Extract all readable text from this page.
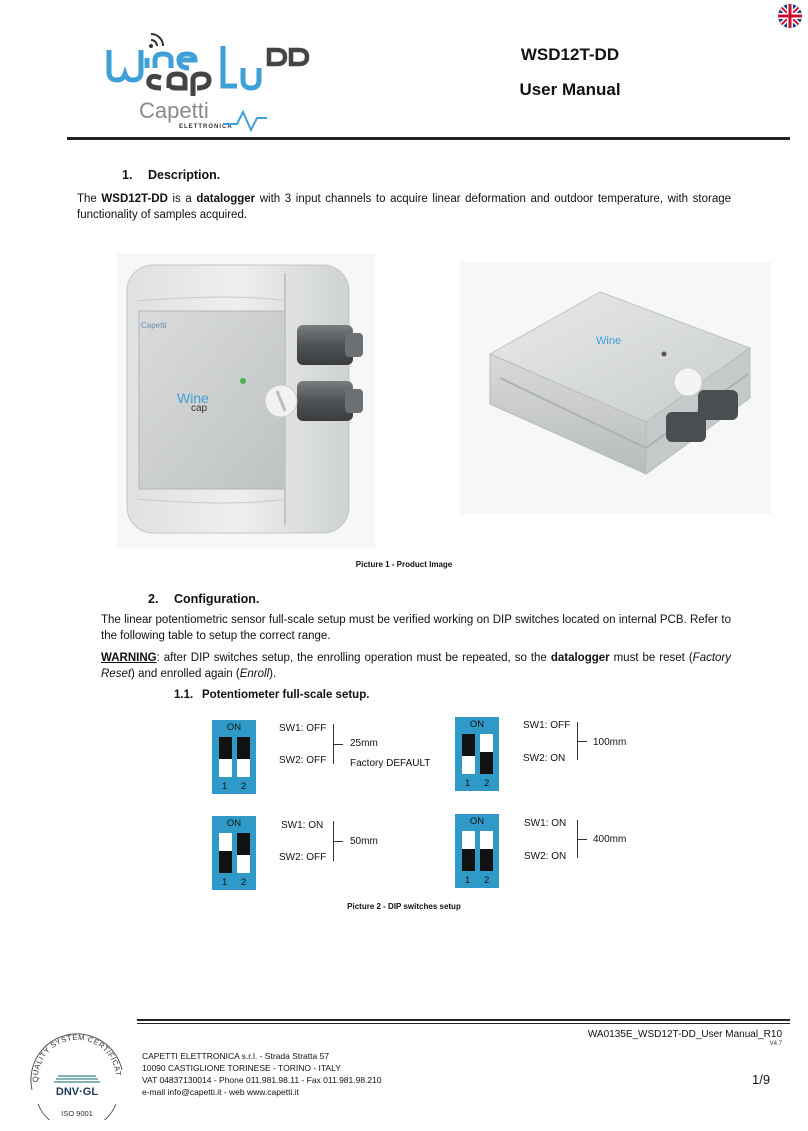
Capetti
ELETTRONICA
WSD12T-DD
User Manual
1. Description.

The WSD12T-DD is a datalogger with 3 input channels to acquire linear deformation and outdoor temperature, with storage functionality of samples acquired.

Capetti
Wine
cap
Wine
Picture 1 - Product Image
2. Configuration.

The linear potentiometric sensor full-scale setup must be verified working on DIP switches located on internal PCB. Refer to the following table to setup the correct range.

WARNING: after DIP switches setup, the enrolling operation must be repeated, so the datalogger must be reset (Factory Reset) and enrolled again (Enroll).

1.1. Potentiometer full-scale setup.
ON
1 2
SW1: OFF
SW2: OFF
25mm
Factory DEFAULT
ON
1 2
SW1: OFF
SW2: ON
100mm
ON
1 2
SW1: ON
SW2: OFF
50mm
ON
1 2
SW1: ON
SW2: ON
400mm
Picture 2 - DIP switches setup
WA0135E_WSD12T-DD_User Manual_R10
V4.7
CAPETTI ELETTRONICA s.r.l. - Strada Stratta 57
10090 CASTIGLIONE TORINESE - TORINO - ITALY
VAT 04837130014 - Phone 011.981.98.11 - Fax 011.981.98.210
e-mail info@capetti.it - web www.capetti.it
1/9
QUALITY SYSTEM CERTIFICAT
DNV·GL
ISO 9001
